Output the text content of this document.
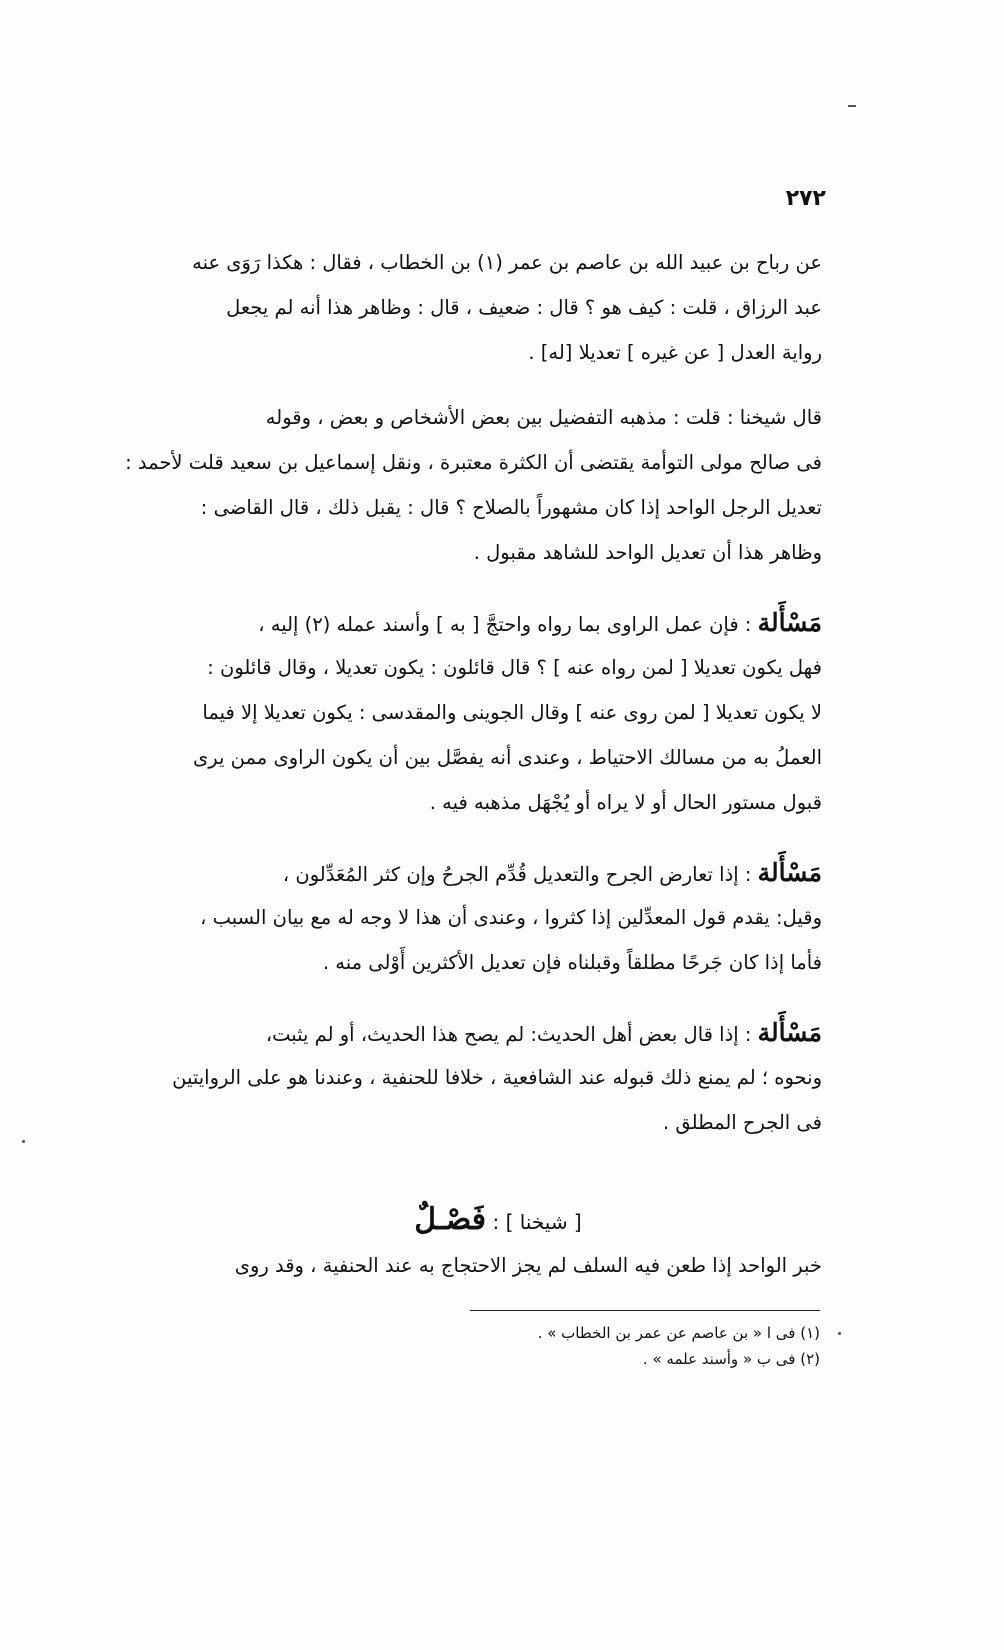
٢٧٢
عن رباح بن عبيد الله بن عاصم بن عمر (١) بن الخطاب ، فقال : هكذا رَوَى عنه
عبد الرزاق ، قلت : كيف هو ؟ قال : ضعيف ، قال : وظاهر هذا أنه لم يجعل
رواية العدل [ عن غيره ] تعديلا [له] .
قال شيخنا : قلت : مذهبه التفضيل بين بعض الأشخاص و بعض ، وقوله
فى صالح مولى التوأمة يقتضى أن الكثرة معتبرة ، ونقل إسماعيل بن سعيد قلت لأحمد :
تعديل الرجل الواحد إذا كان مشهوراً بالصلاح ؟ قال : يقبل ذلك ، قال القاضى :
وظاهر هذا أن تعديل الواحد للشاهد مقبول .
مَسْأَلة : فإن عمل الراوى بما رواه واحتجَّ [ به ] وأسند عمله (٢) إليه ،
فهل يكون تعديلا [ لمن رواه عنه ] ؟ قال قائلون : يكون تعديلا ، وقال قائلون :
لا يكون تعديلا [ لمن روى عنه ] وقال الجوينى والمقدسى : يكون تعديلا إلا فيما
العملُ به من مسالك الاحتياط ، وعندى أنه يفصَّل بين أن يكون الراوى ممن يرى
قبول مستور الحال أو لا يراه أو يُجْهَل مذهبه فيه .
مَسْأَلة : إذا تعارض الجرح والتعديل قُدِّم الجرحُ وإن كثر المُعَدِّلون ،
وقيل: يقدم قول المعدِّلين إذا كثروا ، وعندى أن هذا لا وجه له مع بيان السبب ،
فأما إذا كان جَرحًا مطلقاً وقبلناه فإن تعديل الأكثرين أَوْلى منه .
مَسْأَلة : إذا قال بعض أهل الحديث: لم يصح هذا الحديث، أو لم يثبت،
ونحوه ؛ لم يمنع ذلك قبوله عند الشافعية ، خلافا للحنفية ، وعندنا هو على الروايتين
فى الجرح المطلق .
[ شيخنا ] : فَصْـلٌ
خبر الواحد إذا طعن فيه السلف لم يجز الاحتجاج به عند الحنفية ، وقد روى
(١) فى ا « بن عاصم عن عمر بن الخطاب » .
(٢) فى ب « وأسند علمه » .
